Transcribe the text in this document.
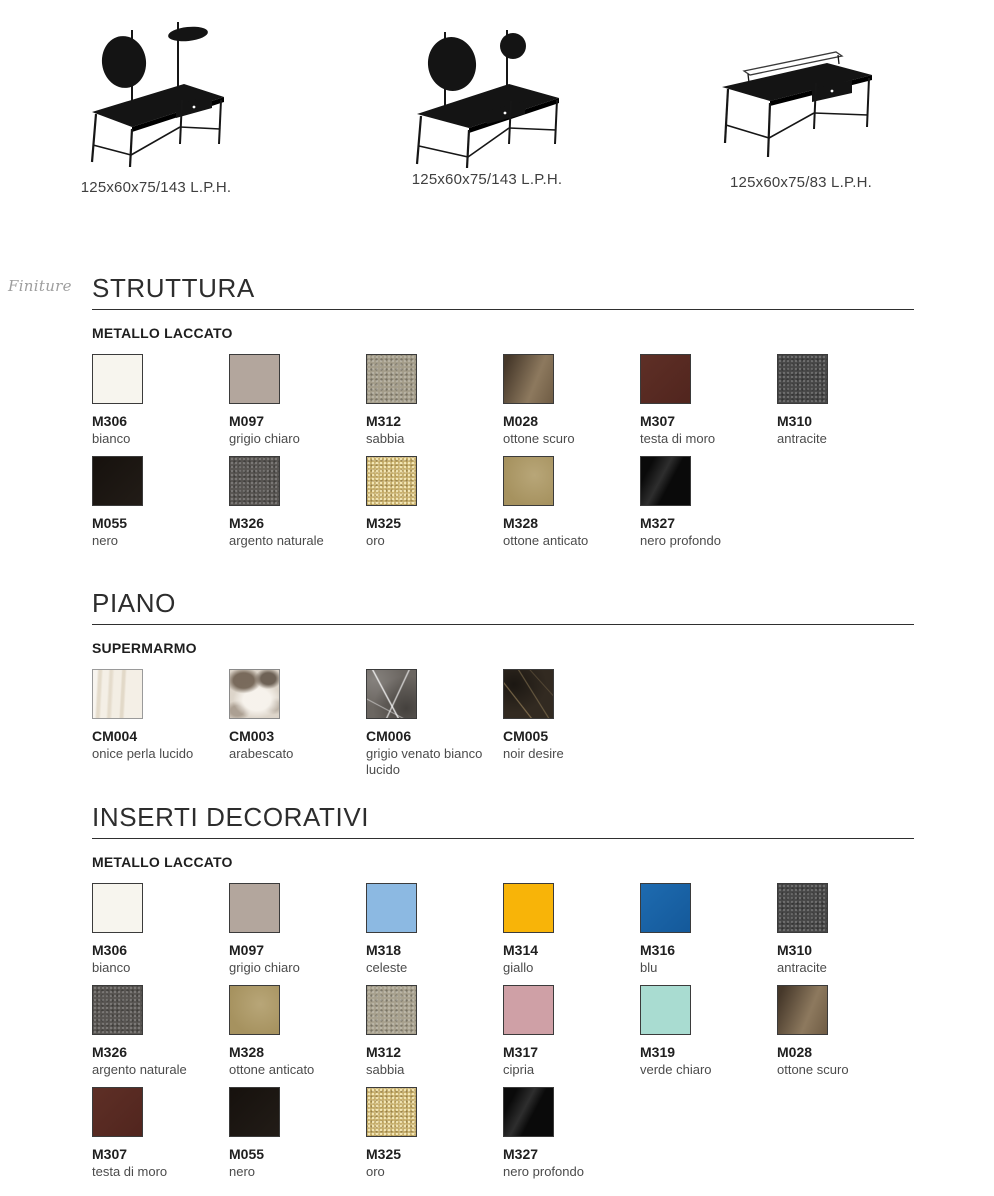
125x60x75/143 L.P.H.	125x60x75/143 L.P.H.	125x60x75/83 L.P.H.
Finiture STRUTTURA
METALLO LACCATO
M306
bianco
M097
grigio chiaro
M312
sabbia
M028
ottone scuro
M307
testa di moro
M310
antracite
M055
nero
M326
argento naturale
M325
oro
M328
ottone anticato
M327
nero profondo
PIANO
SUPERMARMO
CM004
onice perla lucido
CM003
arabescato
CM006
grigio venato bianco lucido
CM005
noir desire
INSERTI DECORATIVI
METALLO LACCATO
M306
bianco
M097
grigio chiaro
M318
celeste
M314
giallo
M316
blu
M310
antracite
M326
argento naturale
M328
ottone anticato
M312
sabbia
M317
cipria
M319
verde chiaro
M028
ottone scuro
M307
testa di moro
M055
nero
M325
oro
M327
nero profondo
